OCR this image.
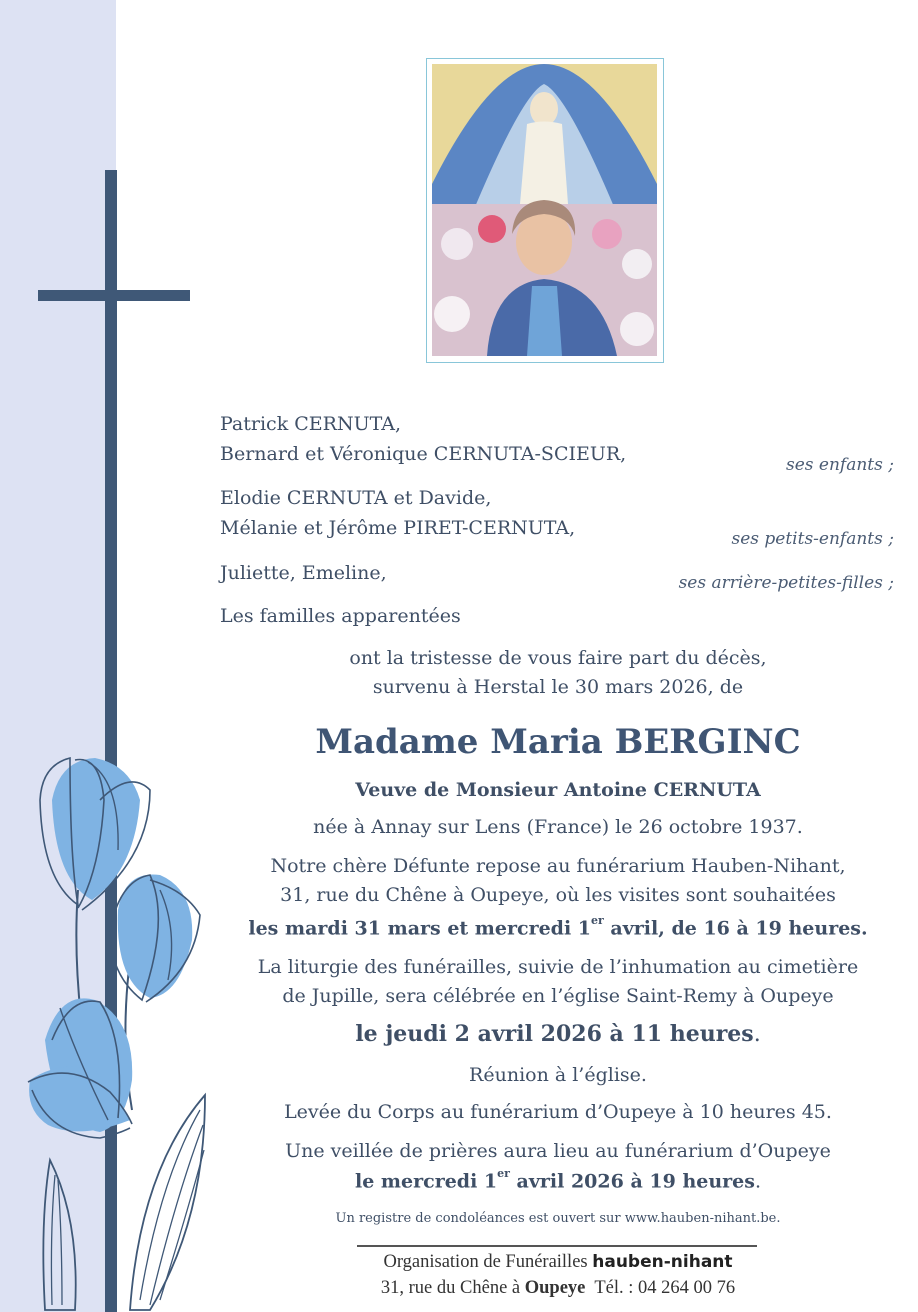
Patrick CERNUTA,
Bernard et Véronique CERNUTA-SCIEUR,	ses enfants ;
Elodie CERNUTA et Davide,
Mélanie et Jérôme PIRET-CERNUTA,	ses petits-enfants ;
Juliette, Emeline,	ses arrière-petites-filles ;
Les familles apparentées
ont la tristesse de vous faire part du décès,
survenu à Herstal le 30 mars 2026, de
Madame Maria BERGINC
Veuve de Monsieur Antoine CERNUTA
née à Annay sur Lens (France) le 26 octobre 1937.
Notre chère Défunte repose au funérarium Hauben-Nihant,
31, rue du Chêne à Oupeye, où les visites sont souhaitées
les mardi 31 mars et mercredi 1er avril, de 16 à 19 heures.
La liturgie des funérailles, suivie de l’inhumation au cimetière
de Jupille, sera célébrée en l’église Saint-Remy à Oupeye
le jeudi 2 avril 2026 à 11 heures.
Réunion à l’église.
Levée du Corps au funérarium d’Oupeye à 10 heures 45.
Une veillée de prières aura lieu au funérarium d’Oupeye
le mercredi 1er avril 2026 à 19 heures.
Un registre de condoléances est ouvert sur www.hauben-nihant.be.
Organisation de Funérailles hauben-nihant
31, rue du Chêne à Oupeye Tél. : 04 264 00 76
